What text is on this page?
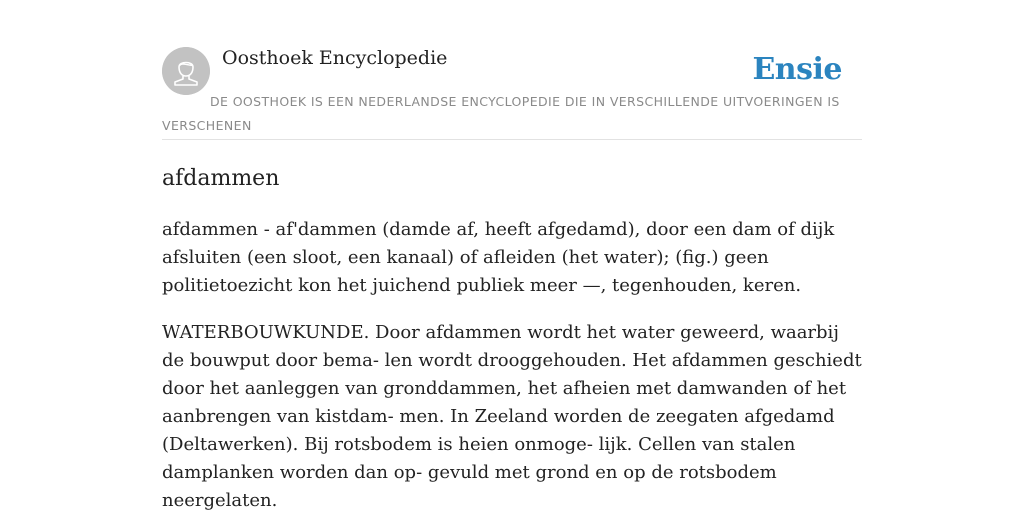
Oosthoek Encyclopedie	Ensie
DE OOSTHOEK IS EEN NEDERLANDSE ENCYCLOPEDIE DIE IN VERSCHILLENDE UITVOERINGEN IS VERSCHENEN
afdammen

afdammen - af'dammen (damde af, heeft afgedamd), door een dam of dijk afsluiten (een sloot, een kanaal) of afleiden (het water); (fig.) geen politietoezicht kon het juichend publiek meer —, tegenhouden, keren.

WATERBOUWKUNDE. Door afdammen wordt het water geweerd, waarbij de bouwput door bema- len wordt drooggehouden. Het afdammen geschiedt door het aanleggen van gronddammen, het afheien met damwanden of het aanbrengen van kistdam- men. In Zeeland worden de zeegaten afgedamd (Deltawerken). Bij rotsbodem is heien onmoge- lijk. Cellen van stalen damplanken worden dan op- gevuld met grond en op de rotsbodem neergelaten.
